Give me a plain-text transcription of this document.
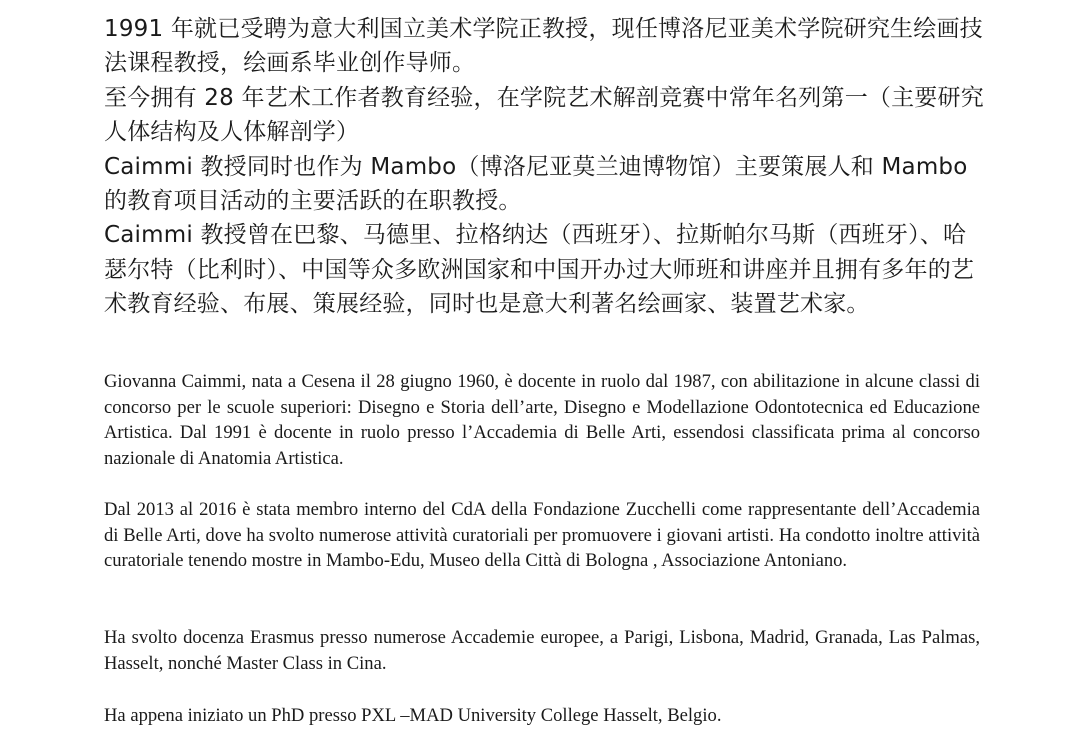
1991 年就已受聘为意大利国立美术学院正教授，现任博洛尼亚美术学院研究生绘画技法课程教授，绘画系毕业创作导师。

至今拥有 28 年艺术工作者教育经验，在学院艺术解剖竞赛中常年名列第一（主要研究人体结构及人体解剖学）

Caimmi 教授同时也作为 Mambo（博洛尼亚莫兰迪博物馆）主要策展人和 Mambo 的教育项目活动的主要活跃的在职教授。

Caimmi 教授曾在巴黎、马德里、拉格纳达（西班牙）、拉斯帕尔马斯（西班牙）、哈瑟尔特（比利时）、中国等众多欧洲国家和中国开办过大师班和讲座并且拥有多年的艺术教育经验、布展、策展经验，同时也是意大利著名绘画家、装置艺术家。

Giovanna Caimmi, nata a Cesena il 28 giugno 1960, è docente in ruolo dal 1987, con abilitazione in alcune classi di concorso per le scuole superiori: Disegno e Storia dell’arte, Disegno e Modellazione Odontotecnica ed Educazione Artistica. Dal 1991 è docente in ruolo presso l’Accademia di Belle Arti, essendosi classificata prima al concorso nazionale di Anatomia Artistica.

Dal 2013 al 2016 è stata membro interno del CdA della Fondazione Zucchelli come rappresentante dell’Accademia di Belle Arti, dove ha svolto numerose attività curatoriali per promuovere i giovani artisti. Ha condotto inoltre attività curatoriale tenendo mostre in Mambo-Edu, Museo della Città di Bologna , Associazione Antoniano.

Ha svolto docenza Erasmus presso numerose Accademie europee, a Parigi, Lisbona, Madrid, Granada, Las Palmas, Hasselt, nonché Master Class in Cina.

Ha appena iniziato un PhD presso PXL –MAD University College Hasselt, Belgio.
